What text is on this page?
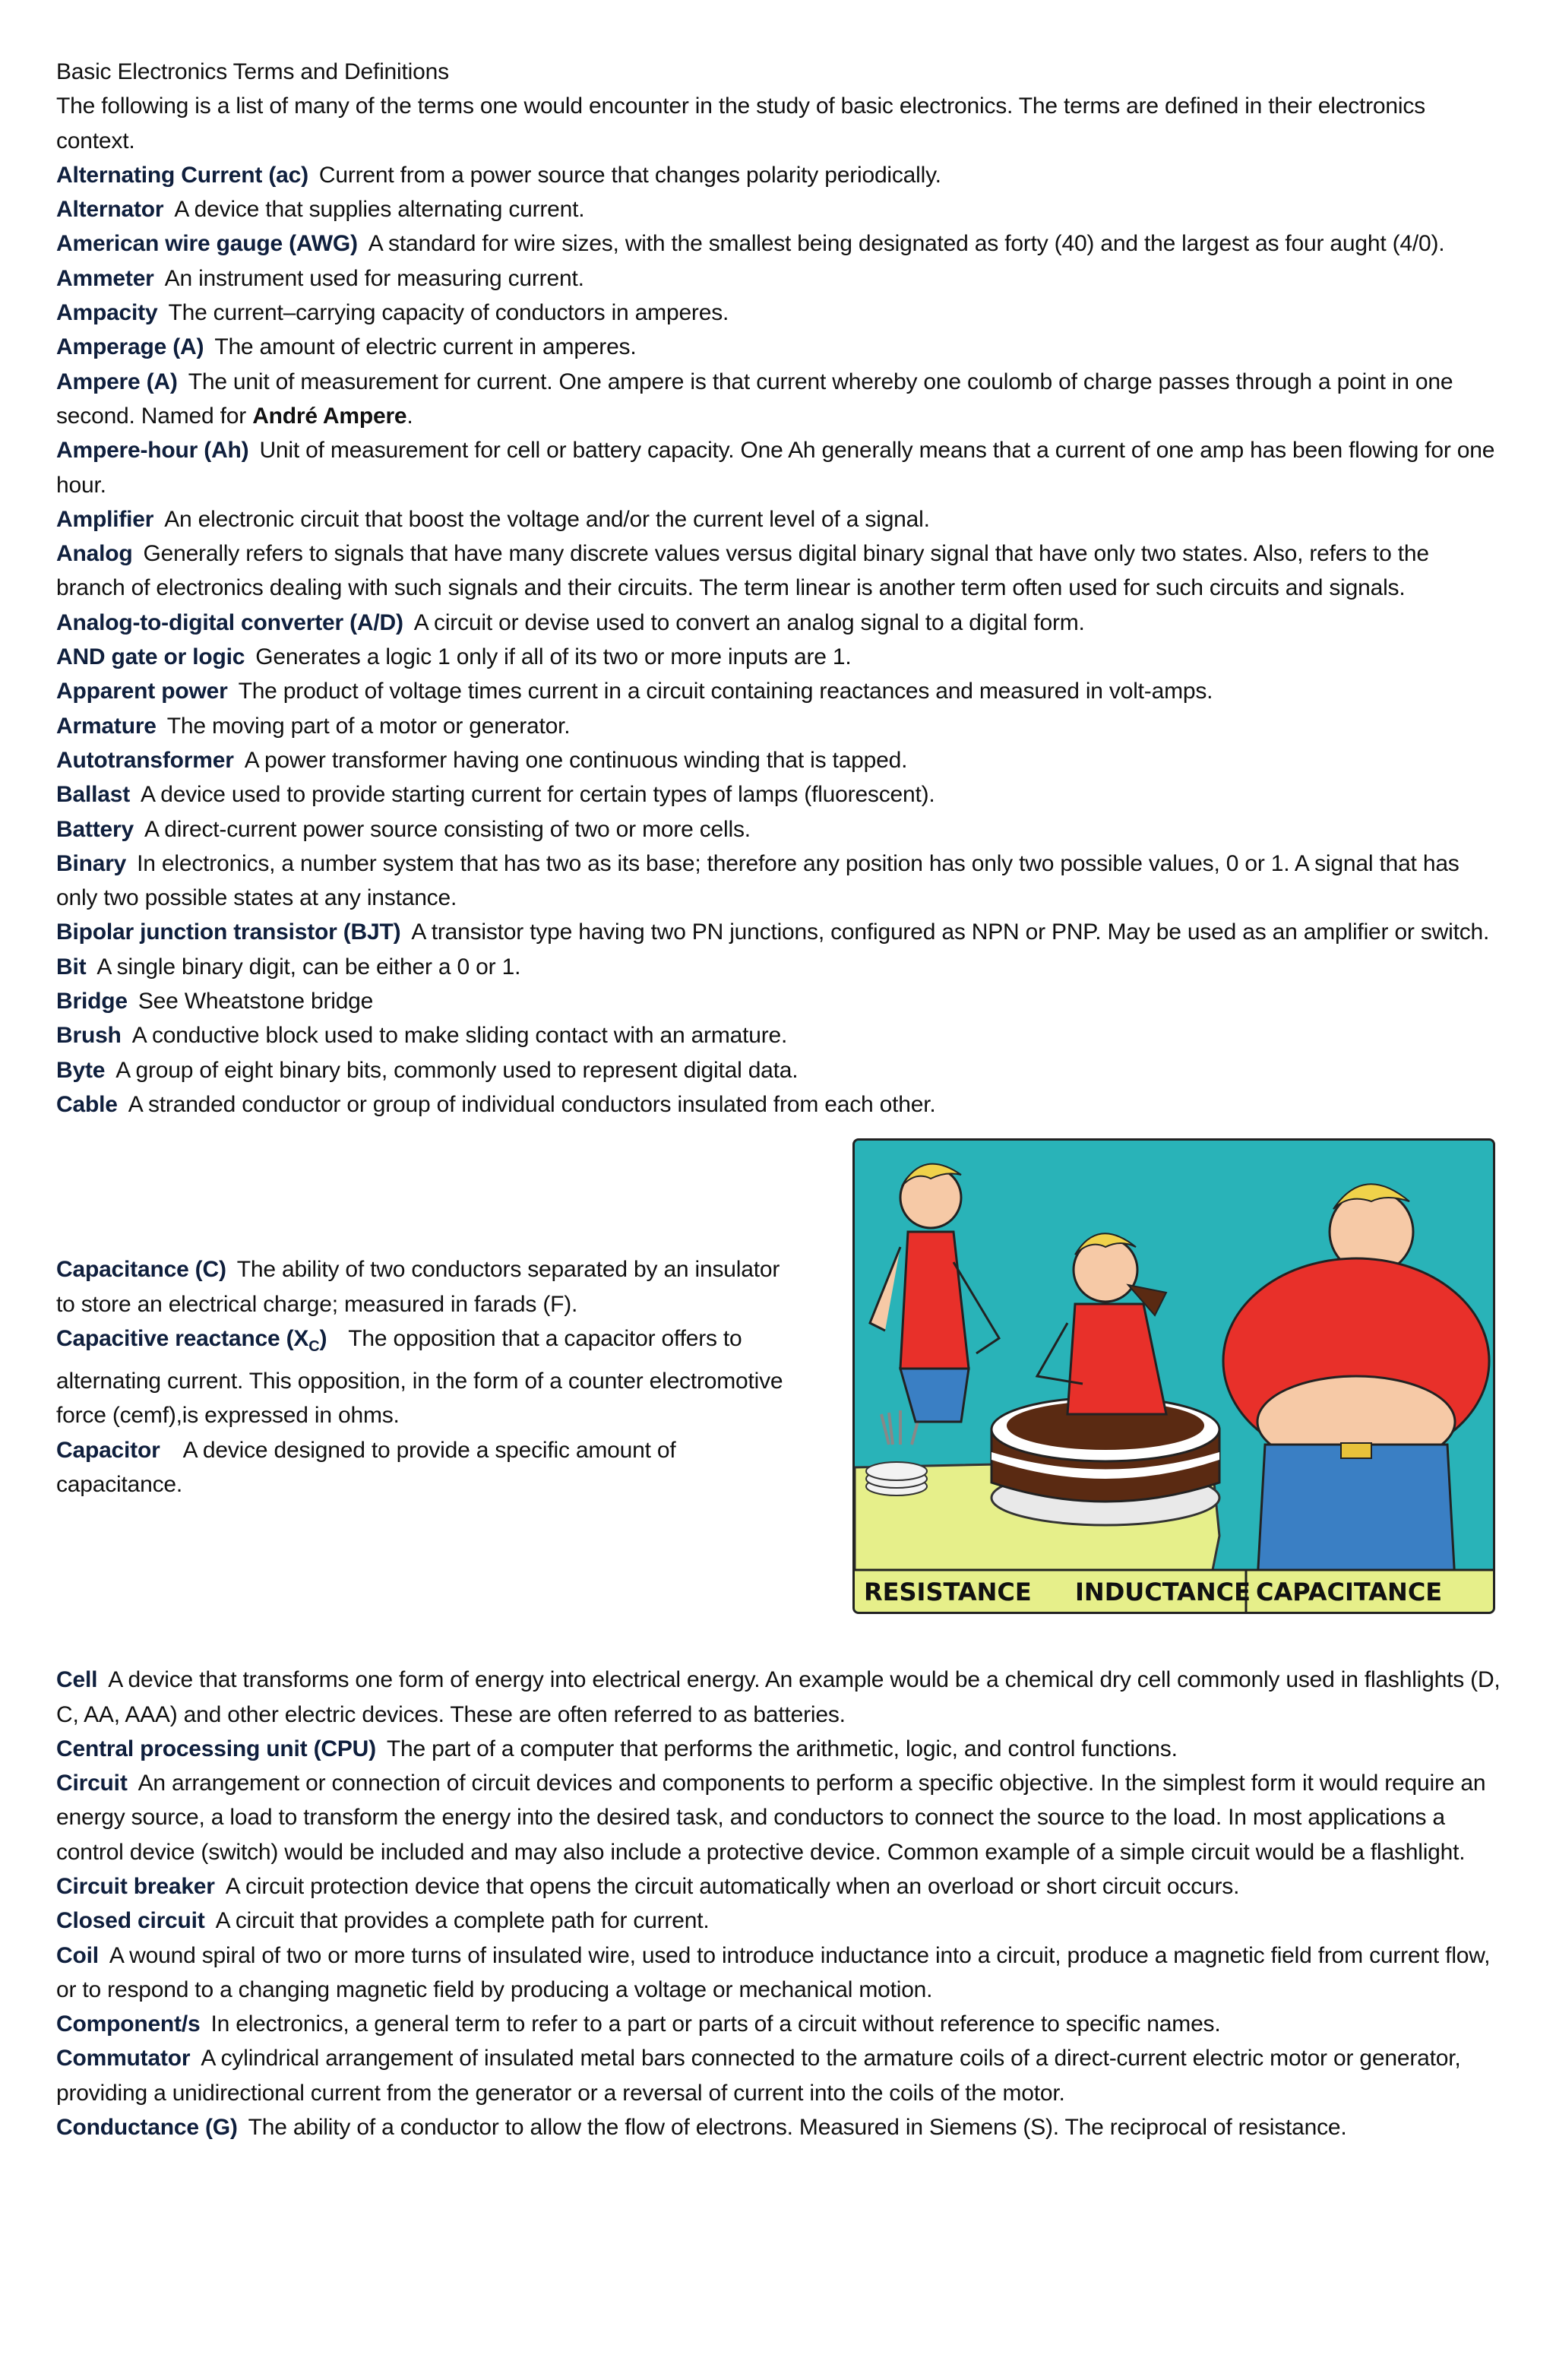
Basic Electronics Terms and Definitions

The following is a list of many of the terms one would encounter in the study of basic electronics. The terms are defined in their electronics context.

Alternating Current (ac) Current from a power source that changes polarity periodically.

Alternator A device that supplies alternating current.

American wire gauge (AWG) A standard for wire sizes, with the smallest being designated as forty (40) and the largest as four aught (4/0).

Ammeter An instrument used for measuring current.

Ampacity The current–carrying capacity of conductors in amperes.

Amperage (A) The amount of electric current in amperes.

Ampere (A) The unit of measurement for current. One ampere is that current whereby one coulomb of charge passes through a point in one second. Named for André Ampere.

Ampere-hour (Ah) Unit of measurement for cell or battery capacity. One Ah generally means that a current of one amp has been flowing for one hour.

Amplifier An electronic circuit that boost the voltage and/or the current level of a signal.

Analog Generally refers to signals that have many discrete values versus digital binary signal that have only two states. Also, refers to the branch of electronics dealing with such signals and their circuits. The term linear is another term often used for such circuits and signals.

Analog-to-digital converter (A/D) A circuit or devise used to convert an analog signal to a digital form.

AND gate or logic Generates a logic 1 only if all of its two or more inputs are 1.

Apparent power The product of voltage times current in a circuit containing reactances and measured in volt-amps.

Armature The moving part of a motor or generator.

Autotransformer A power transformer having one continuous winding that is tapped.

Ballast A device used to provide starting current for certain types of lamps (fluorescent).

Battery A direct-current power source consisting of two or more cells.

Binary In electronics, a number system that has two as its base; therefore any position has only two possible values, 0 or 1. A signal that has only two possible states at any instance.

Bipolar junction transistor (BJT) A transistor type having two PN junctions, configured as NPN or PNP. May be used as an amplifier or switch.

Bit A single binary digit, can be either a 0 or 1.

Bridge See Wheatstone bridge

Brush A conductive block used to make sliding contact with an armature.

Byte A group of eight binary bits, commonly used to represent digital data.

Cable A stranded conductor or group of individual conductors insulated from each other.

Capacitance (C) The ability of two conductors separated by an insulator to store an electrical charge; measured in farads (F).

Capacitive reactance $(X_C)$ The opposition that a capacitor offers to alternating current. This opposition, in the form of a counter electromotive force (cemf),is expressed in ohms.

Capacitor A device designed to provide a specific amount of capacitance.

RESISTANCE INDUCTANCE CAPACITANCE

Cell A device that transforms one form of energy into electrical energy. An example would be a chemical dry cell commonly used in flashlights (D, C, AA, AAA) and other electric devices. These are often referred to as batteries.

Central processing unit (CPU) The part of a computer that performs the arithmetic, logic, and control functions.

Circuit An arrangement or connection of circuit devices and components to perform a specific objective. In the simplest form it would require an energy source, a load to transform the energy into the desired task, and conductors to connect the source to the load. In most applications a control device (switch) would be included and may also include a protective device. Common example of a simple circuit would be a flashlight.

Circuit breaker A circuit protection device that opens the circuit automatically when an overload or short circuit occurs.

Closed circuit A circuit that provides a complete path for current.

Coil A wound spiral of two or more turns of insulated wire, used to introduce inductance into a circuit, produce a magnetic field from current flow, or to respond to a changing magnetic field by producing a voltage or mechanical motion.

Component/s In electronics, a general term to refer to a part or parts of a circuit without reference to specific names.

Commutator A cylindrical arrangement of insulated metal bars connected to the armature coils of a direct-current electric motor or generator, providing a unidirectional current from the generator or a reversal of current into the coils of the motor.

Conductance (G) The ability of a conductor to allow the flow of electrons. Measured in Siemens (S). The reciprocal of resistance.
